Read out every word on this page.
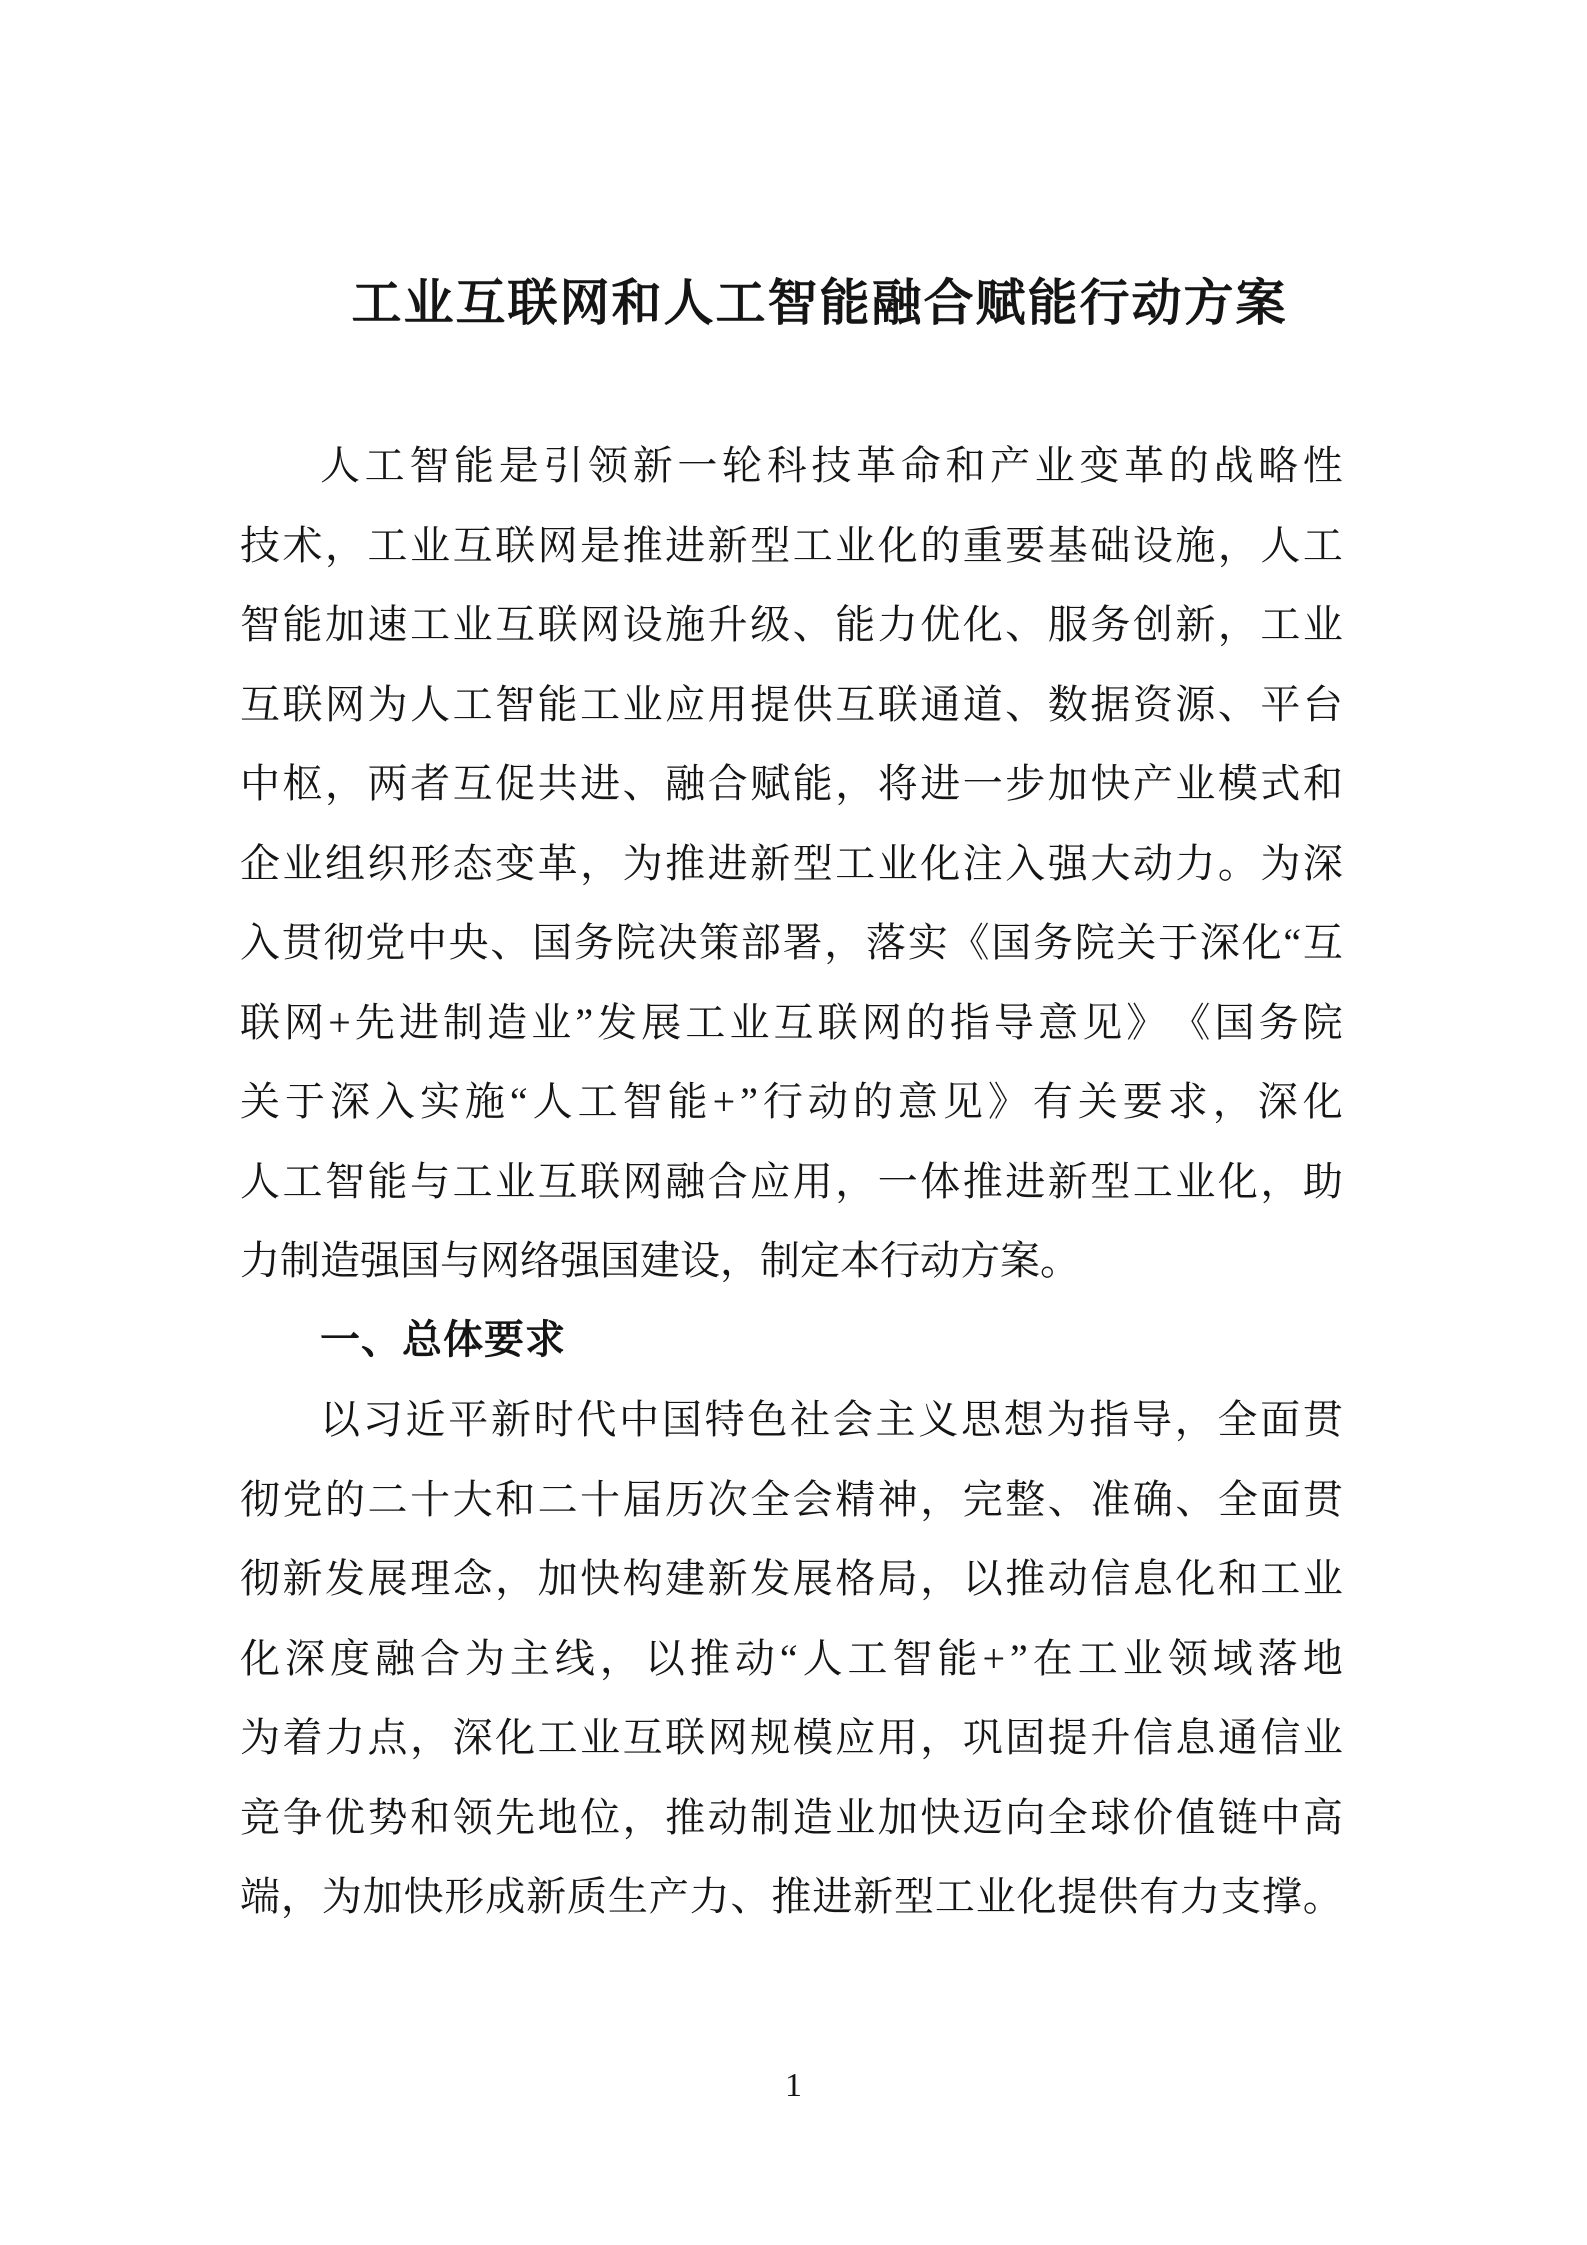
工业互联网和人工智能融合赋能行动方案
人 工 智 能 是 引 领 新 一 轮 科 技 革 命 和 产 业 变 革 的 战 略 性
技 术 ， 工 业 互 联 网 是 推 进 新 型 工 业 化 的 重 要 基 础 设 施 ， 人 工
智 能 加 速 工 业 互 联 网 设 施 升 级 、 能 力 优 化 、 服 务 创 新 ， 工 业
互 联 网 为 人 工 智 能 工 业 应 用 提 供 互 联 通 道 、 数 据 资 源 、 平 台
中 枢 ， 两 者 互 促 共 进 、 融 合 赋 能 ， 将 进 一 步 加 快 产 业 模 式 和
企 业 组 织 形 态 变 革 ， 为 推 进 新 型 工 业 化 注 入 强 大 动 力 。 为 深
入 贯 彻 党 中 央 、 国 务 院 决 策 部 署 ， 落 实 《 国 务 院 关 于 深 化 “ 互
联 网 + 先 进 制 造 业 ” 发 展 工 业 互 联 网 的 指 导 意 见 》 《 国 务 院
关 于 深 入 实 施 “ 人 工 智 能 + ” 行 动 的 意 见 》 有 关 要 求 ， 深 化
人 工 智 能 与 工 业 互 联 网 融 合 应 用 ， 一 体 推 进 新 型 工 业 化 ， 助
力制造强国与网络强国建设，制定本行动方案。
一、总体要求
以 习 近 平 新 时 代 中 国 特 色 社 会 主 义 思 想 为 指 导 ， 全 面 贯
彻 党 的 二 十 大 和 二 十 届 历 次 全 会 精 神 ， 完 整 、 准 确 、 全 面 贯
彻 新 发 展 理 念 ， 加 快 构 建 新 发 展 格 局 ， 以 推 动 信 息 化 和 工 业
化 深 度 融 合 为 主 线 ， 以 推 动 “ 人 工 智 能 + ” 在 工 业 领 域 落 地
为 着 力 点 ， 深 化 工 业 互 联 网 规 模 应 用 ， 巩 固 提 升 信 息 通 信 业
竞 争 优 势 和 领 先 地 位 ， 推 动 制 造 业 加 快 迈 向 全 球 价 值 链 中 高
端 ， 为 加 快 形 成 新 质 生 产 力 、 推 进 新 型 工 业 化 提 供 有 力 支 撑 。
1
